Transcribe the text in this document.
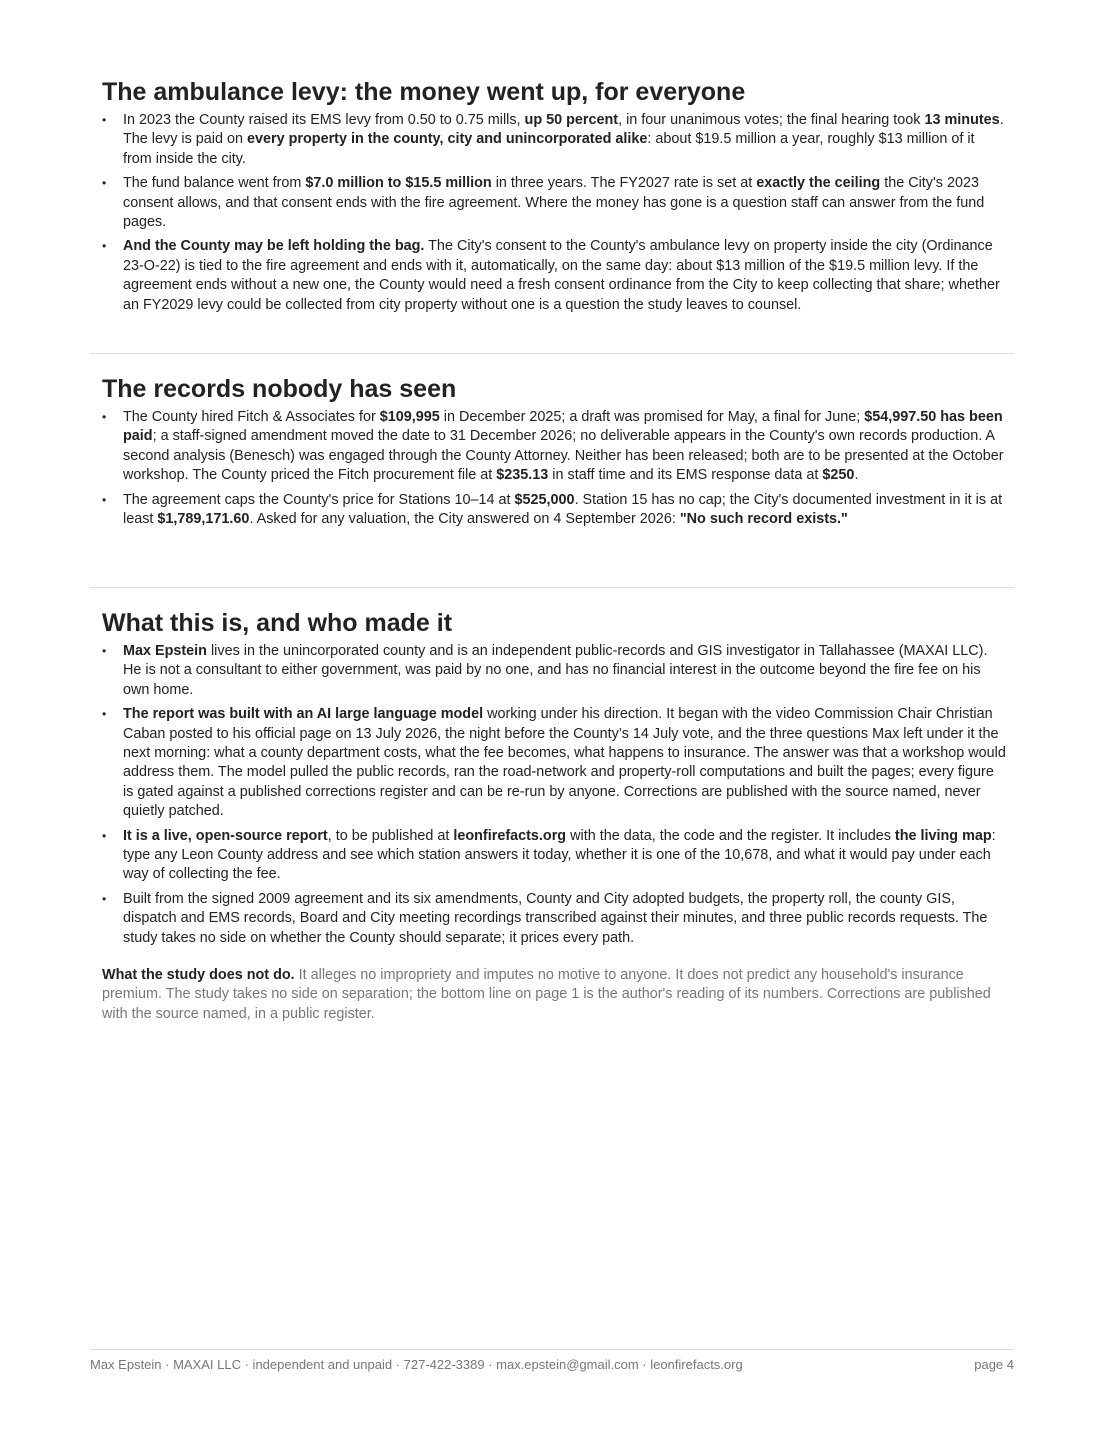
The ambulance levy: the money went up, for everyone
• In 2023 the County raised its EMS levy from 0.50 to 0.75 mills, up 50 percent, in four unanimous votes; the final hearing took 13 minutes. The levy is paid on every property in the county, city and unincorporated alike: about $19.5 million a year, roughly $13 million of it from inside the city.
• The fund balance went from $7.0 million to $15.5 million in three years. The FY2027 rate is set at exactly the ceiling the City's 2023 consent allows, and that consent ends with the fire agreement. Where the money has gone is a question staff can answer from the fund pages.
• And the County may be left holding the bag. The City's consent to the County's ambulance levy on property inside the city (Ordinance 23-O-22) is tied to the fire agreement and ends with it, automatically, on the same day: about $13 million of the $19.5 million levy. If the agreement ends without a new one, the County would need a fresh consent ordinance from the City to keep collecting that share; whether an FY2029 levy could be collected from city property without one is a question the study leaves to counsel.
The records nobody has seen
• The County hired Fitch & Associates for $109,995 in December 2025; a draft was promised for May, a final for June; $54,997.50 has been paid; a staff-signed amendment moved the date to 31 December 2026; no deliverable appears in the County's own records production. A second analysis (Benesch) was engaged through the County Attorney. Neither has been released; both are to be presented at the October workshop. The County priced the Fitch procurement file at $235.13 in staff time and its EMS response data at $250.
• The agreement caps the County's price for Stations 10–14 at $525,000. Station 15 has no cap; the City's documented investment in it is at least $1,789,171.60. Asked for any valuation, the City answered on 4 September 2026: "No such record exists."
What this is, and who made it
• Max Epstein lives in the unincorporated county and is an independent public-records and GIS investigator in Tallahassee (MAXAI LLC). He is not a consultant to either government, was paid by no one, and has no financial interest in the outcome beyond the fire fee on his own home.
• The report was built with an AI large language model working under his direction. It began with the video Commission Chair Christian Caban posted to his official page on 13 July 2026, the night before the County’s 14 July vote, and the three questions Max left under it the next morning: what a county department costs, what the fee becomes, what happens to insurance. The answer was that a workshop would address them. The model pulled the public records, ran the road-network and property-roll computations and built the pages; every figure is gated against a published corrections register and can be re-run by anyone. Corrections are published with the source named, never quietly patched.
• It is a live, open-source report, to be published at leonfirefacts.org with the data, the code and the register. It includes the living map: type any Leon County address and see which station answers it today, whether it is one of the 10,678, and what it would pay under each way of collecting the fee.
• Built from the signed 2009 agreement and its six amendments, County and City adopted budgets, the property roll, the county GIS, dispatch and EMS records, Board and City meeting recordings transcribed against their minutes, and three public records requests. The study takes no side on whether the County should separate; it prices every path.

What the study does not do. It alleges no impropriety and imputes no motive to anyone. It does not predict any household's insurance premium. The study takes no side on separation; the bottom line on page 1 is the author's reading of its numbers. Corrections are published with the source named, in a public register.

Max Epstein · MAXAI LLC · independent and unpaid · 727-422-3389 · max.epstein@gmail.com · leonfirefacts.org	page 4
